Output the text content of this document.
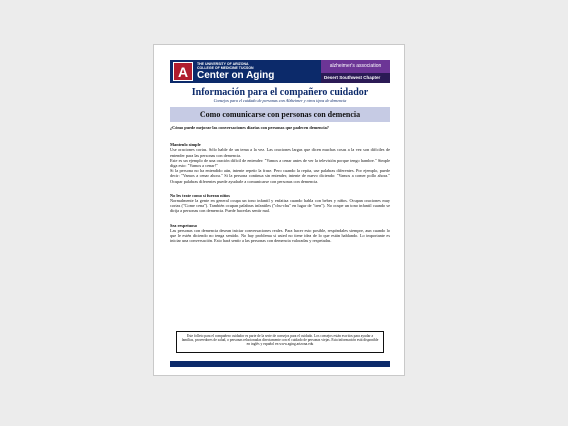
A	THE UNIVERSITY OF ARIZONA
COLLEGE OF MEDICINE TUCSON
Center on Aging
alzheimer's association
Desert Southwest Chapter
Información para el compañero cuidador
Consejos para el cuidado de personas con Alzheimer y otros tipos de demencia
Como comunicarse con personas con demencia

¿Cómo puede mejorar las conversaciones diarias con personas que padecen demencia?

Mantenlo simple

Use oraciones cortas. Sólo hable de un tema a la vez. Las oraciones largas que dicen muchas cosas a la vez son difíciles de entender para las personas con demencia.

Este es un ejemplo de una oración difícil de entender: "Vamos a cenar antes de ver la televisión porque tengo hambre." Simple diga esto: "Vamos a cenar!"

Si la persona no ha entendido aún, intente repetir la frase. Pero cuando la repita, use palabras diferentes. Por ejemplo, puede decir: "Vamos a cenar ahora." Si la persona continua sin entender, intente de nuevo diciendo: "Vamos a comer pollo ahora." Ocupar palabras diferentes puede ayudarle a comunicarse con personas con demencia.

No les trate como si fueran niños

Normalmente la gente en general ocupa un tono infantil y enfatiza cuando habla con bebes y niños. Ocupan oraciones muy cortas ("Come cena"). También ocupan palabras infantiles ("chu-chu" en lugar de "tren"). No ocupe un tono infantil cuando se dirija a personas con demencia. Puede hacerlas sentir mal.

Sea respetuoso

Las personas con demencia desean iniciar conversaciones reales. Para hacer esto posible, respóndales siempre, aun cuando lo que le estén diciendo no tenga sentido. No hay problema si usted no tiene idea de lo que están hablando. Lo importante es iniciar una conversación. Esto hará sentir a las personas con demencia valoradas y respetadas.

Este folleto para el compañero cuidador es parte de la serie de consejos para el cuidado. Los consejos están escritos para ayudar a familias, proveedores de salud, o personas relacionadas directamente con el cuidado de personas viejas. Esta información está disponible en inglés y español en www.aging.arizona.edu
